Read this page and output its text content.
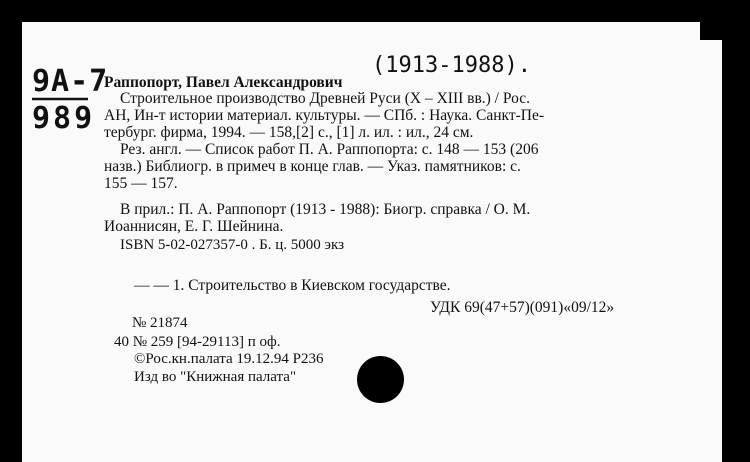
9A-7
989
(1913-1988).
Раппопорт, Павел Александрович
Строительное производство Древней Руси (X – XIII вв.) / Рос.
АН, Ин-т истории материал. культуры. — СПб. : Наука. Санкт-Пе-
тербург. фирма, 1994. — 158,[2] с., [1] л. ил. : ил., 24 см.
Рез. англ. — Список работ П. А. Раппопорта: с. 148 — 153 (206
назв.) Библиогр. в примеч в конце глав. — Указ. памятников: с.
155 — 157.
В прил.: П. А. Раппопорт (1913 - 1988): Биогр. справка / О. М.
Иоаннисян, Е. Г. Шейнина.
ISBN 5-02-027357-0 . Б. ц. 5000 экз
— — 1. Строительство в Киевском государстве.
УДК 69(47+57)(091)«09/12»
№ 21874
40 № 259 [94-29113] п оф.
©Рос.кн.палата 19.12.94 Р236
Изд во "Книжная палата"
